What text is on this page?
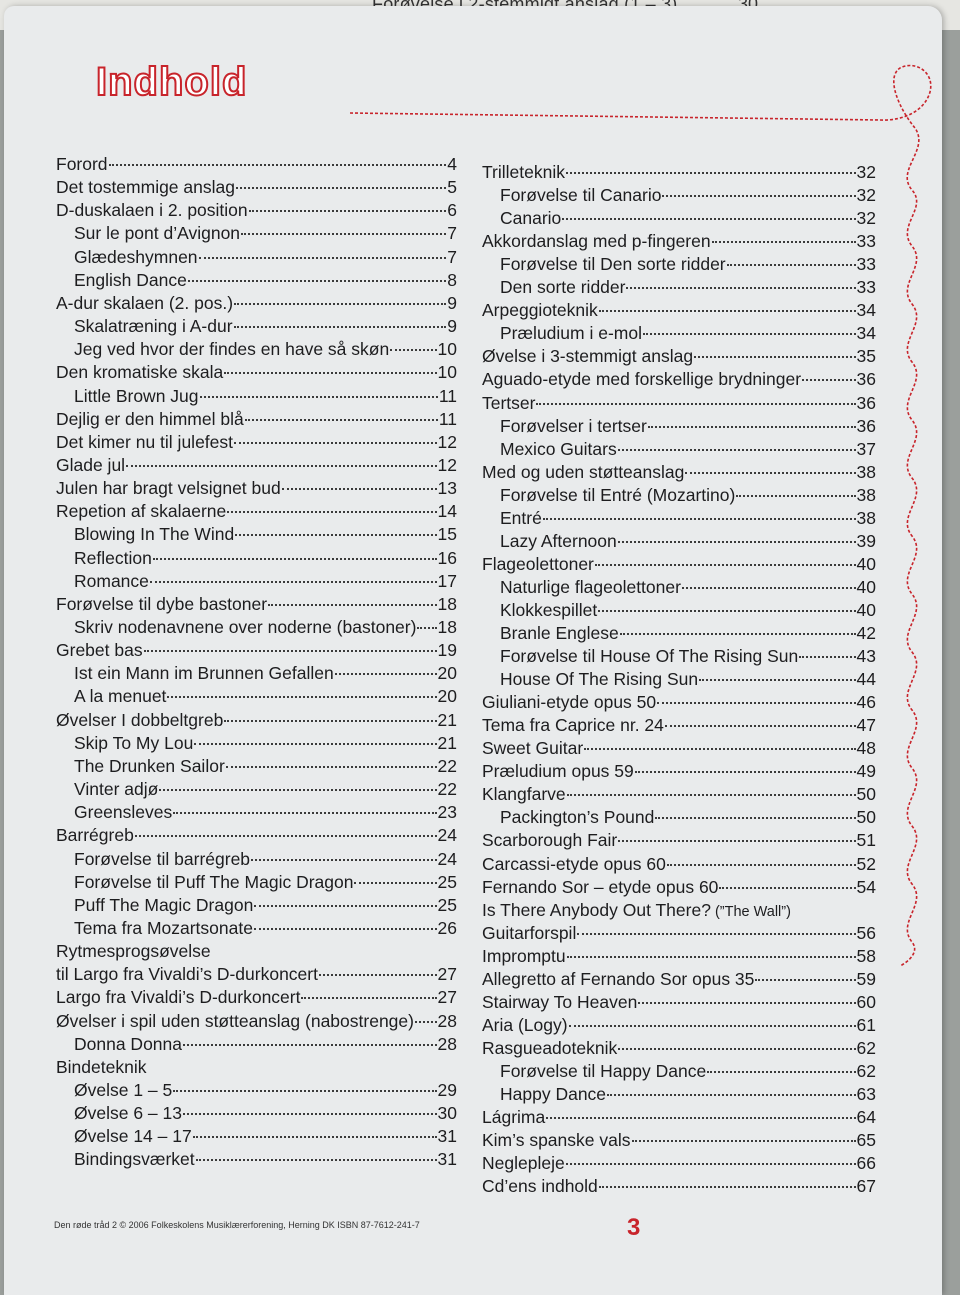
Indhold
Forord	4
Det tostemmige anslag	5
D-duskalaen i 2. position	6
Sur le pont d’Avignon	7
Glædeshymnen	7
English Dance	8
A-dur skalaen (2. pos.)	9
Skalatræning i A-dur	9
Jeg ved hvor der findes en have så skøn	10
Den kromatiske skala	10
Little Brown Jug	11
Dejlig er den himmel blå	11
Det kimer nu til julefest	12
Glade jul	12
Julen har bragt velsignet bud	13
Repetion af skalaerne	14
Blowing In The Wind	15
Reflection	16
Romance	17
Forøvelse til dybe bastoner	18
Skriv nodenavnene over noderne (bastoner) 18
Grebet bas	19
Ist ein Mann im Brunnen Gefallen	20
A la menuet	20
Øvelser I dobbeltgreb	21
Skip To My Lou	21
The Drunken Sailor	22
Vinter adjø	22
Greensleves	23
Barrégreb	24
Forøvelse til barrégreb	24
Forøvelse til Puff The Magic Dragon	25
Puff The Magic Dragon	25
Tema fra Mozartsonate	26
Rytmesprogsøvelse
til Largo fra Vivaldi’s D-durkoncert	27
Largo fra Vivaldi’s D-durkoncert	27
Øvelser i spil uden støtteanslag (nabostrenge) 28
Donna Donna	28
Bindeteknik
Øvelse 1 – 5	29
Øvelse 6 – 13	30
Øvelse 14 – 17	31
Bindingsværket	31
Trilleteknik	32
Forøvelse til Canario	32
Canario	32
Akkordanslag med p-fingeren	33
Forøvelse til Den sorte ridder	33
Den sorte ridder	33
Arpeggioteknik	34
Præludium i e-mol	34
Øvelse i 3-stemmigt anslag	35
Aguado-etyde med forskellige brydninger	36
Tertser	36
Forøvelser i tertser	36
Mexico Guitars	37
Med og uden støtteanslag	38
Forøvelse til Entré (Mozartino)	38
Entré	38
Lazy Afternoon	39
Flageolettoner	40
Naturlige flageolettoner	40
Klokkespillet	40
Branle Englese	42
Forøvelse til House Of The Rising Sun	43
House Of The Rising Sun	44
Giuliani-etyde opus 50	46
Tema fra Caprice nr. 24	47
Sweet Guitar	48
Præludium opus 59	49
Klangfarve	50
Packington’s Pound	50
Scarborough Fair	51
Carcassi-etyde opus 60	52
Fernando Sor – etyde opus 60	54
Is There Anybody Out There? (”The Wall”)
Guitarforspil	56
Impromptu	58
Allegretto af Fernando Sor opus 35	59
Stairway To Heaven	60
Aria (Logy)	61
Rasgueadoteknik	62
Forøvelse til Happy Dance	62
Happy Dance	63
Lágrima	64
Kim’s spanske vals	65
Neglepleje	66
Cd’ens indhold	67
Den røde tråd 2 © 2006 Folkeskolens Musiklærerforening, Herning DK ISBN 87-7612-241-7	3
